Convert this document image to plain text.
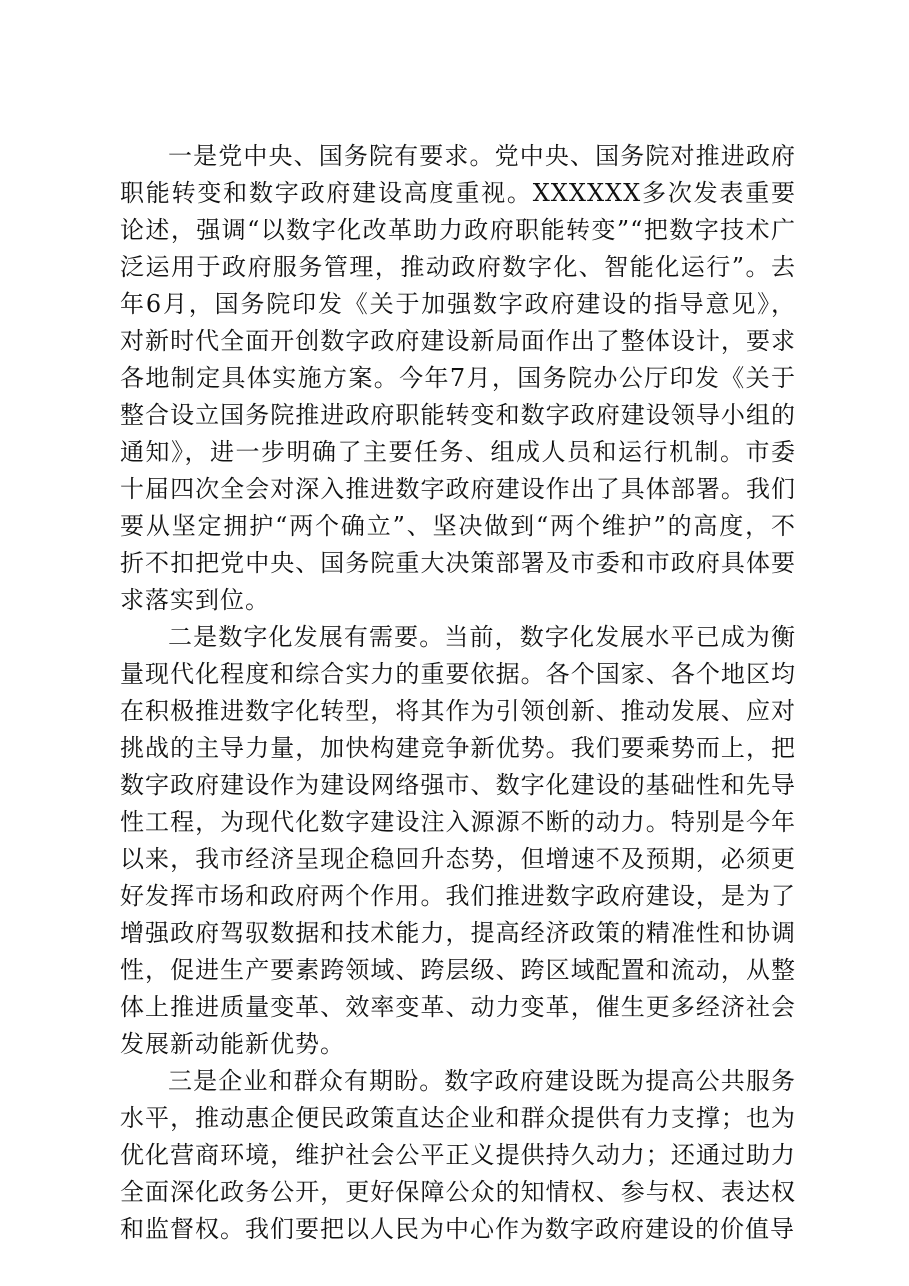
一是党中央、国务院有要求。党中央、国务院对推进政府职能转变和数字政府建设高度重视。XXXXXX多次发表重要论述，强调“以数字化改革助力政府职能转变”“把数字技术广泛运用于政府服务管理，推动政府数字化、智能化运行”。去年6月，国务院印发《关于加强数字政府建设的指导意见》，对新时代全面开创数字政府建设新局面作出了整体设计，要求各地制定具体实施方案。今年7月，国务院办公厅印发《关于整合设立国务院推进政府职能转变和数字政府建设领导小组的通知》，进一步明确了主要任务、组成人员和运行机制。市委十届四次全会对深入推进数字政府建设作出了具体部署。我们要从坚定拥护“两个确立”、坚决做到“两个维护”的高度，不折不扣把党中央、国务院重大决策部署及市委和市政府具体要求落实到位。

二是数字化发展有需要。当前，数字化发展水平已成为衡量现代化程度和综合实力的重要依据。各个国家、各个地区均在积极推进数字化转型，将其作为引领创新、推动发展、应对挑战的主导力量，加快构建竞争新优势。我们要乘势而上，把数字政府建设作为建设网络强市、数字化建设的基础性和先导性工程，为现代化数字建设注入源源不断的动力。特别是今年以来，我市经济呈现企稳回升态势，但增速不及预期，必须更好发挥市场和政府两个作用。我们推进数字政府建设，是为了增强政府驾驭数据和技术能力，提高经济政策的精准性和协调性，促进生产要素跨领域、跨层级、跨区域配置和流动，从整体上推进质量变革、效率变革、动力变革，催生更多经济社会发展新动能新优势。

三是企业和群众有期盼。数字政府建设既为提高公共服务水平，推动惠企便民政策直达企业和群众提供有力支撑；也为优化营商环境，维护社会公平正义提供持久动力；还通过助力全面深化政务公开，更好保障公众的知情权、参与权、表达权和监督权。我们要把以人民为中心作为数字政府建设的价值导
